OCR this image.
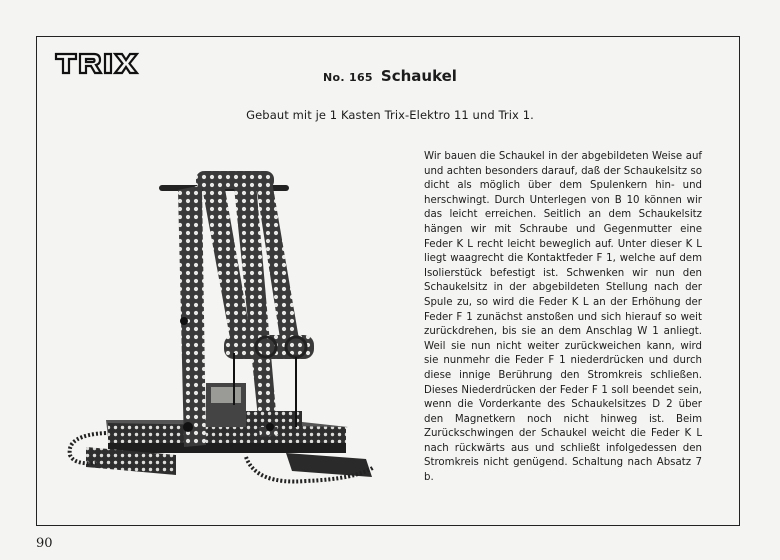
No. 165 Schaukel
Gebaut mit je 1 Kasten Trix-Elektro 11 und Trix 1.
Wir bauen die Schaukel in der abgebildeten Weise auf und achten besonders darauf, daß der Schaukelsitz so dicht als möglich über dem Spulenkern hin- und herschwingt. Durch Unterlegen von B 10 können wir das leicht erreichen. Seitlich an dem Schaukelsitz hängen wir mit Schraube und Gegenmutter eine Feder K L recht leicht beweglich auf. Unter dieser K L liegt waagrecht die Kontaktfeder F 1, welche auf dem Isolierstück befestigt ist. Schwenken wir nun den Schaukelsitz in der abgebildeten Stellung nach der Spule zu, so wird die Feder K L an der Erhöhung der Feder F 1 zunächst anstoßen und sich hierauf so weit zurückdrehen, bis sie an dem Anschlag W 1 anliegt. Weil sie nun nicht weiter zurückweichen kann, wird sie nunmehr die Feder F 1 niederdrücken und durch diese innige Berührung den Stromkreis schließen. Dieses Niederdrücken der Feder F 1 soll beendet sein, wenn die Vorderkante des Schaukelsitzes D 2 über den Magnetkern noch nicht hinweg ist. Beim Zurückschwingen der Schaukel weicht die Feder K L nach rückwärts aus und schließt infolgedessen den Stromkreis nicht genügend. Schaltung nach Absatz 7 b.
90
